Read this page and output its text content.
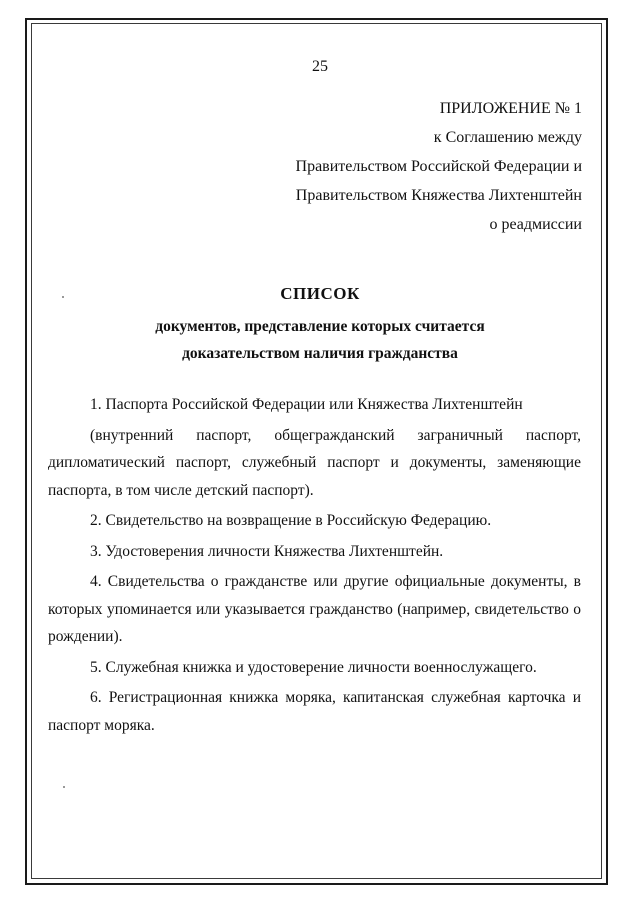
25
ПРИЛОЖЕНИЕ № 1
к Соглашению между
Правительством Российской Федерации и
Правительством Княжества Лихтенштейн
о реадмиссии
СПИСОК
документов, представление которых считается
доказательством наличия гражданства

1. Паспорта Российской Федерации или Княжества Лихтенштейн

(внутренний паспорт, общегражданский заграничный паспорт, дипломатический паспорт, служебный паспорт и документы, заменяющие паспорта, в том числе детский паспорт).

2. Свидетельство на возвращение в Российскую Федерацию.

3. Удостоверения личности Княжества Лихтенштейн.

4. Свидетельства о гражданстве или другие официальные документы, в которых упоминается или указывается гражданство (например, свидетельство о рождении).

5. Служебная книжка и удостоверение личности военнослужащего.

6. Регистрационная книжка моряка, капитанская служебная карточка и паспорт моряка.
